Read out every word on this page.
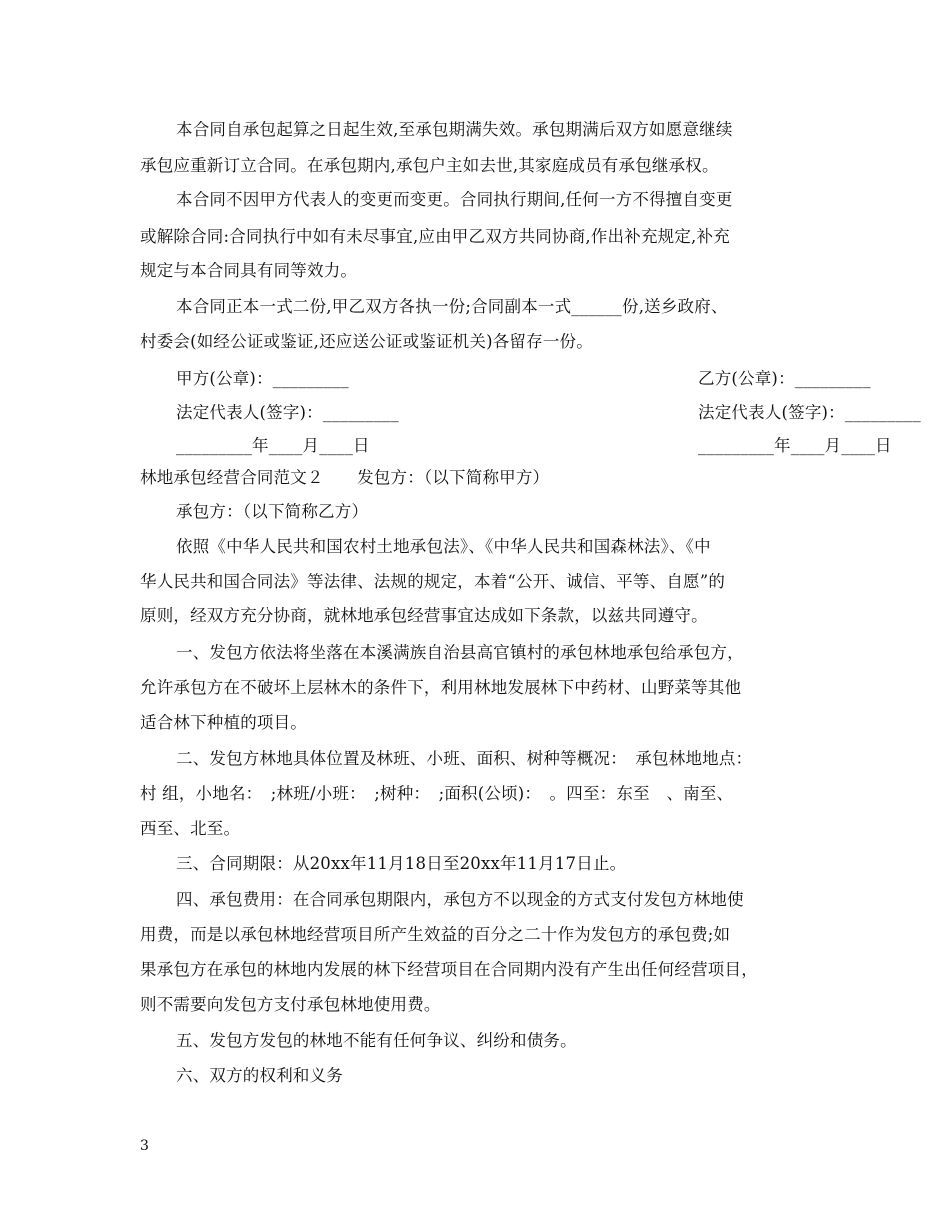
本合同自承包起算之日起生效,至承包期满失效。承包期满后双方如愿意继续
承包应重新订立合同。在承包期内,承包户主如去世,其家庭成员有承包继承权。
本合同不因甲方代表人的变更而变更。合同执行期间,任何一方不得擅自变更
或解除合同:合同执行中如有未尽事宜,应由甲乙双方共同协商,作出补充规定,补充
规定与本合同具有同等效力。
本合同正本一式二份,甲乙双方各执一份;合同副本一式______份,送乡政府、
村委会(如经公证或鉴证,还应送公证或鉴证机关)各留存一份。
甲方(公章)：_________	乙方(公章)：_________
法定代表人(签字)：_________	法定代表人(签字)：_________
_________年____月____日	_________年____月____日
林地承包经营合同范文２　　发包方：（以下简称甲方）
承包方：（以下简称乙方）
依照《中华人民共和国农村土地承包法》、《中华人民共和国森林法》、《中
华人民共和国合同法》等法律、法规的规定，本着“公开、诚信、平等、自愿”的
原则，经双方充分协商，就林地承包经营事宜达成如下条款，以兹共同遵守。
一、发包方依法将坐落在本溪满族自治县高官镇村的承包林地承包给承包方，
允许承包方在不破坏上层林木的条件下，利用林地发展林下中药材、山野菜等其他
适合林下种植的项目。
二、发包方林地具体位置及林班、小班、面积、树种等概况：　承包林地地点：
村 组，小地名：　;林班/小班：　;树种：　;面积(公顷)：　。四至：东至　、南至、
西至、北至。
三、合同期限：从20xx年11月18日至20xx年11月17日止。
四、承包费用：在合同承包期限内，承包方不以现金的方式支付发包方林地使
用费，而是以承包林地经营项目所产生效益的百分之二十作为发包方的承包费;如
果承包方在承包的林地内发展的林下经营项目在合同期内没有产生出任何经营项目，
则不需要向发包方支付承包林地使用费。
五、发包方发包的林地不能有任何争议、纠纷和债务。
六、双方的权利和义务
3
